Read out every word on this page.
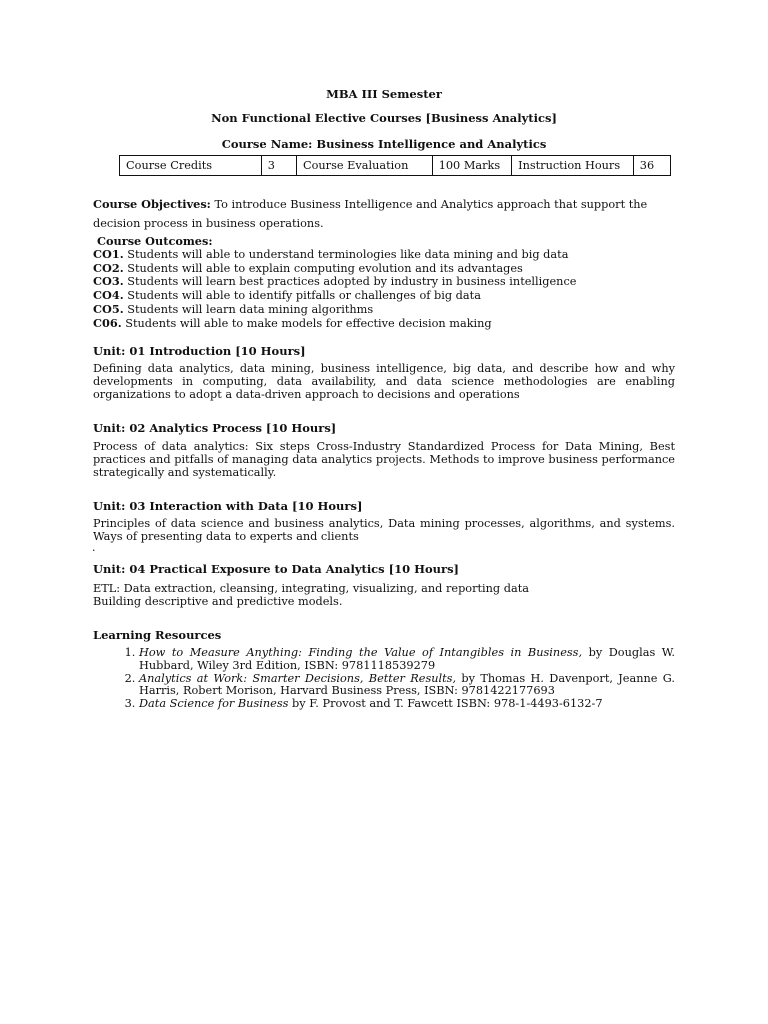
MBA III Semester
Non Functional Elective Courses [Business Analytics]
Course Name: Business Intelligence and Analytics
Course Credits	3	Course Evaluation	100 Marks	Instruction Hours	36
Course Objectives: To introduce Business Intelligence and Analytics approach that support the
decision process in business operations.
Course Outcomes:
CO1. Students will able to understand terminologies like data mining and big data
CO2. Students will able to explain computing evolution and its advantages
CO3. Students will learn best practices adopted by industry in business intelligence
CO4. Students will able to identify pitfalls or challenges of big data
CO5. Students will learn data mining algorithms
C06. Students will able to make models for effective decision making
Unit: 01 Introduction [10 Hours]
Defining data analytics, data mining, business intelligence, big data, and describe how and why developments in computing, data availability, and data science methodologies are enabling organizations to adopt a data-driven approach to decisions and operations
Unit: 02 Analytics Process [10 Hours]
Process of data analytics: Six steps Cross-Industry Standardized Process for Data Mining, Best practices and pitfalls of managing data analytics projects. Methods to improve business performance strategically and systematically.
Unit: 03 Interaction with Data [10 Hours]
Principles of data science and business analytics, Data mining processes, algorithms, and systems. Ways of presenting data to experts and clients
.
Unit: 04 Practical Exposure to Data Analytics [10 Hours]
ETL: Data extraction, cleansing, integrating, visualizing, and reporting data
Building descriptive and predictive models.
Learning Resources
1. How to Measure Anything: Finding the Value of Intangibles in Business, by Douglas W. Hubbard, Wiley 3rd Edition, ISBN: 9781118539279
2. Analytics at Work: Smarter Decisions, Better Results, by Thomas H. Davenport, Jeanne G. Harris, Robert Morison, Harvard Business Press, ISBN: 9781422177693
3. Data Science for Business by F. Provost and T. Fawcett ISBN: 978-1-4493-6132-7
